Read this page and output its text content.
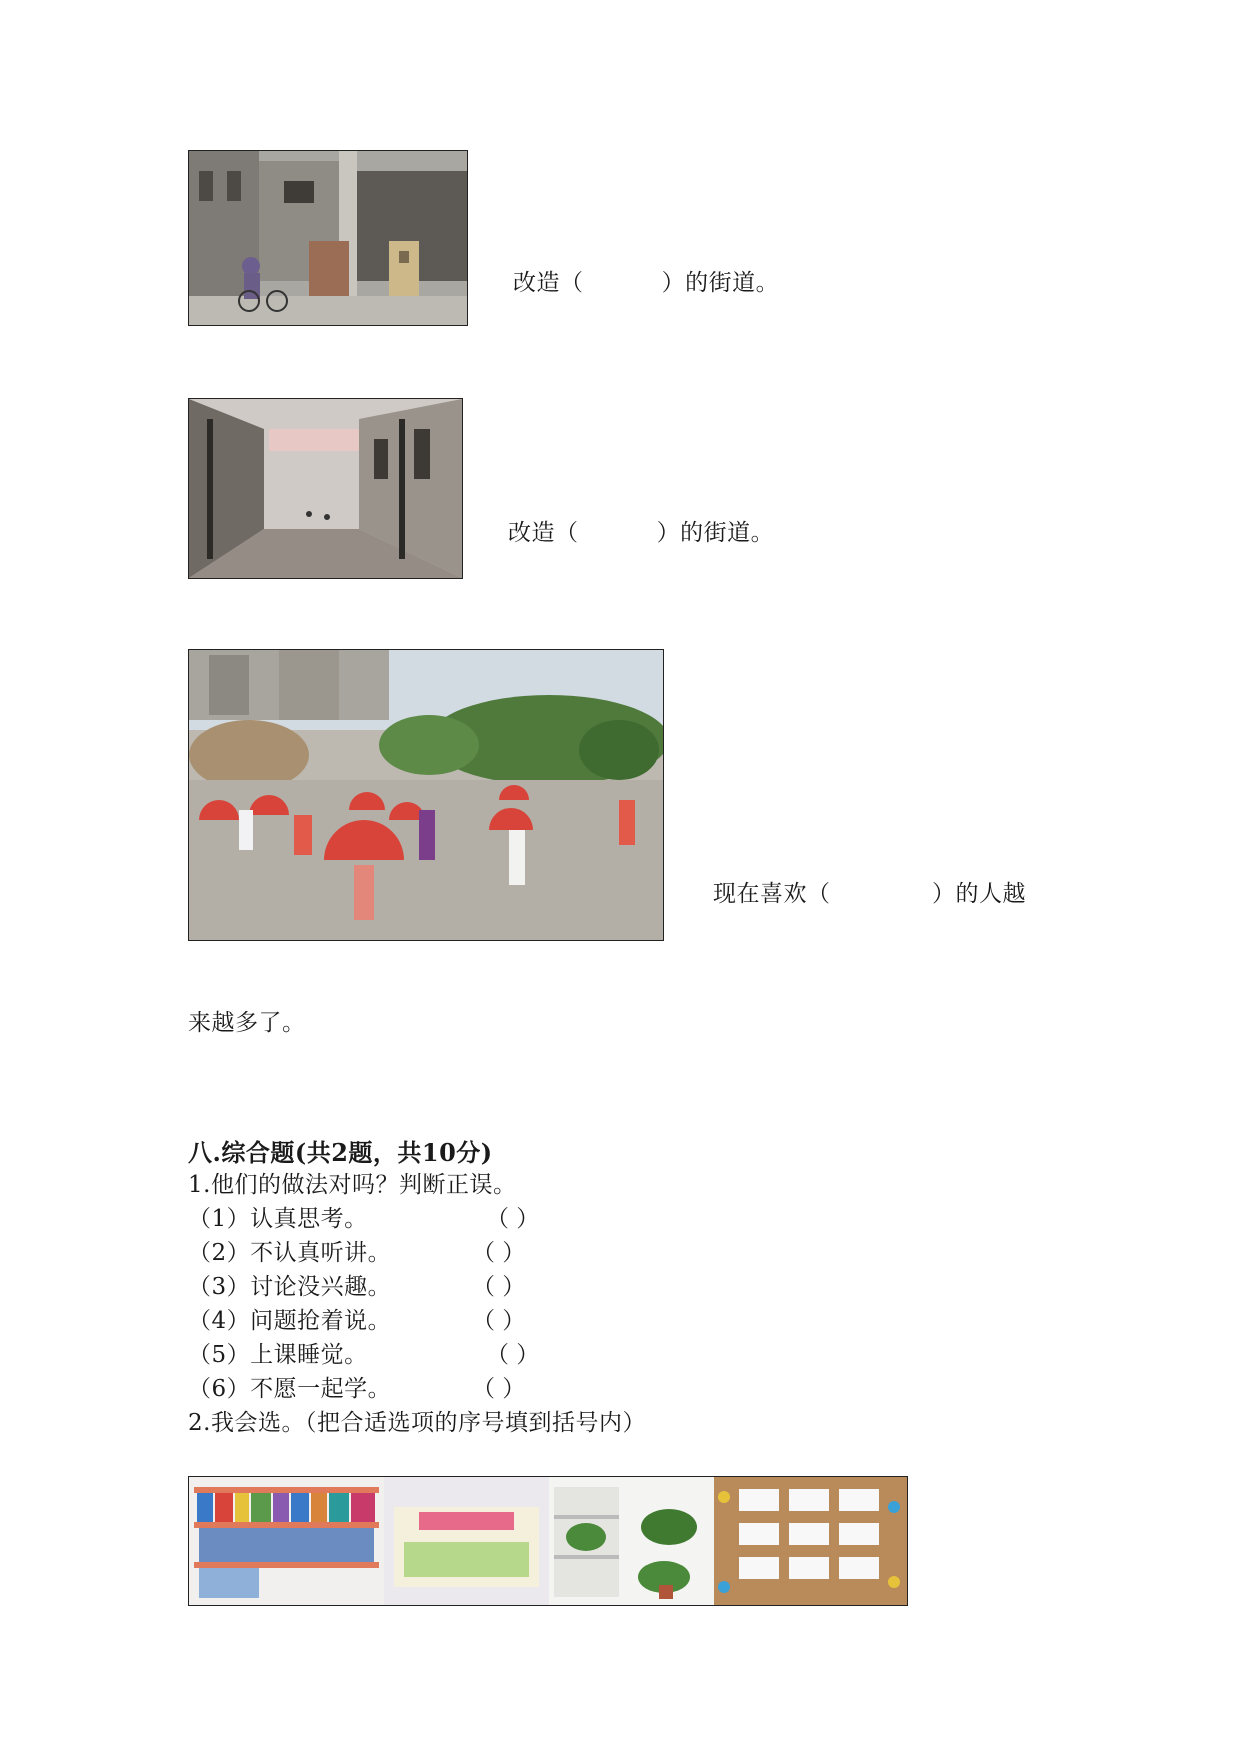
改造（          ）的街道。
改造（          ）的街道。
现在喜欢（             ）的人越
来越多了。
八.综合题(共2题，共10分)
1.他们的做法对吗？判断正误。
（1）认真思考。	（ ）
（2）不认真听讲。	（ ）
（3）讨论没兴趣。	（ ）
（4）问题抢着说。	（ ）
（5）上课睡觉。	（ ）
（6）不愿一起学。	（ ）
2.我会选。（把合适选项的序号填到括号内）
